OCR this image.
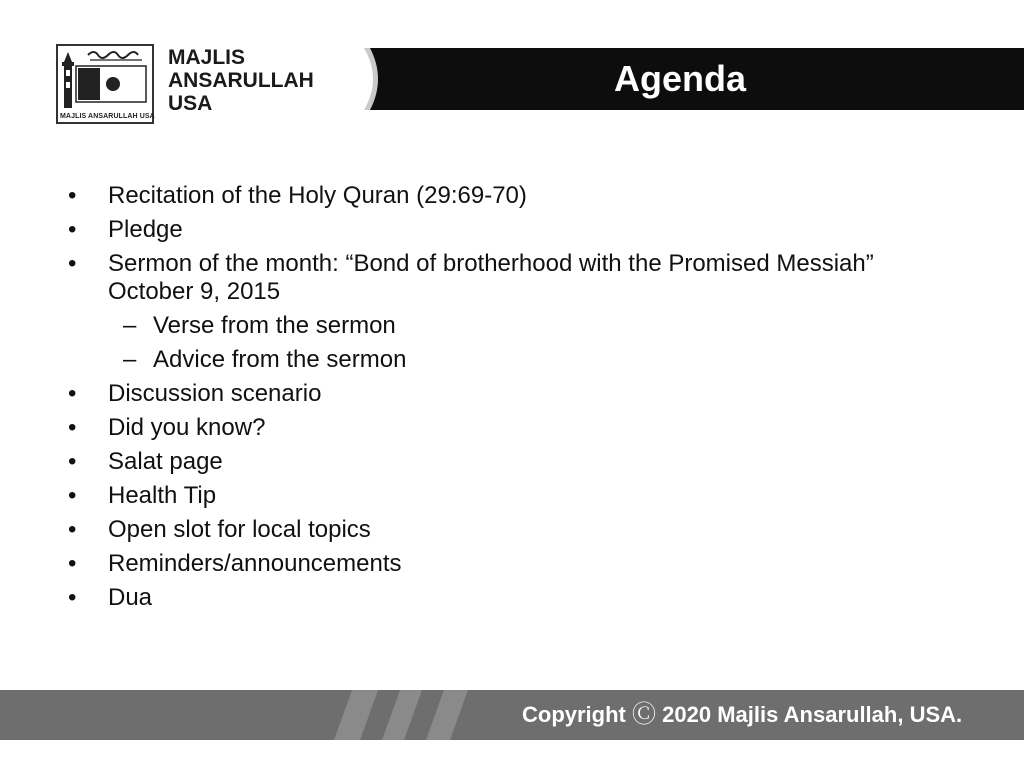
MAJLIS ANSARULLAH USA
MAJLIS
ANSARULLAH
USA
Agenda
•	Recitation of the Holy Quran (29:69-70)
•	Pledge
•	Sermon of the month: “Bond of brotherhood with the Promised Messiah”
October 9, 2015
– Verse from the sermon
– Advice from the sermon
•	Discussion scenario
•	Did you know?
•	Salat page
•	Health Tip
•	Open slot for local topics
•	Reminders/announcements
•	Dua
Copyright Ⓒ 2020 Majlis Ansarullah, USA.
